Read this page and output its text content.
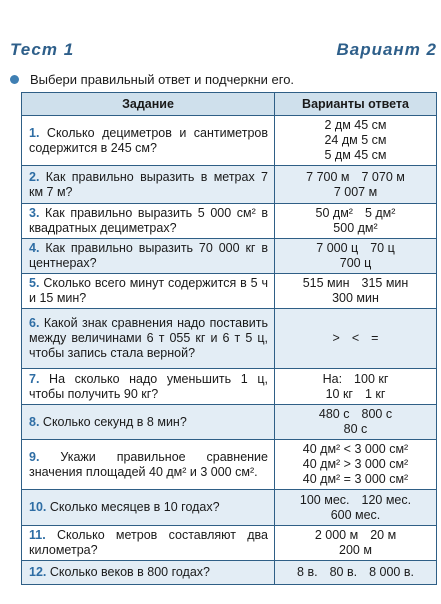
Тест 1	Вариант 2
Выбери правильный ответ и подчеркни его.
Задание	Варианты ответа
1. Сколько дециметров и сантиметров содержится в 245 см?	2 дм 45 см
24 дм 5 см
5 дм 45 см

2. Как правильно выразить в метрах 7 км 7 м?	7 700 м 7 070 м
7 007 м

3. Как правильно выразить 5 000 см² в квадратных дециметрах?	50 дм² 5 дм²
500 дм²

4. Как правильно выразить 70 000 кг в центнерах?	7 000 ц 70 ц
700 ц

5. Сколько всего минут содержится в 5 ч и 15 мин?	515 мин 315 мин
300 мин

6. Какой знак сравнения надо поставить между величинами 6 т 055 кг и 6 т 5 ц, чтобы запись стала верной?	> < =

7. На сколько надо уменьшить 1 ц, чтобы получить 90 кг?	На: 100 кг
10 кг 1 кг

8. Сколько секунд в 8 мин?	480 с 800 с
80 с

9. Укажи правильное сравнение значения площадей 40 дм² и 3 000 см².	40 дм² < 3 000 см²
40 дм² > 3 000 см²
40 дм² = 3 000 см²

10. Сколько месяцев в 10 годах?	100 мес. 120 мес.
600 мес.

11. Сколько метров составляют два километра?	2 000 м 20 м
200 м

12. Сколько веков в 800 годах?	8 в. 80 в. 8 000 в.
